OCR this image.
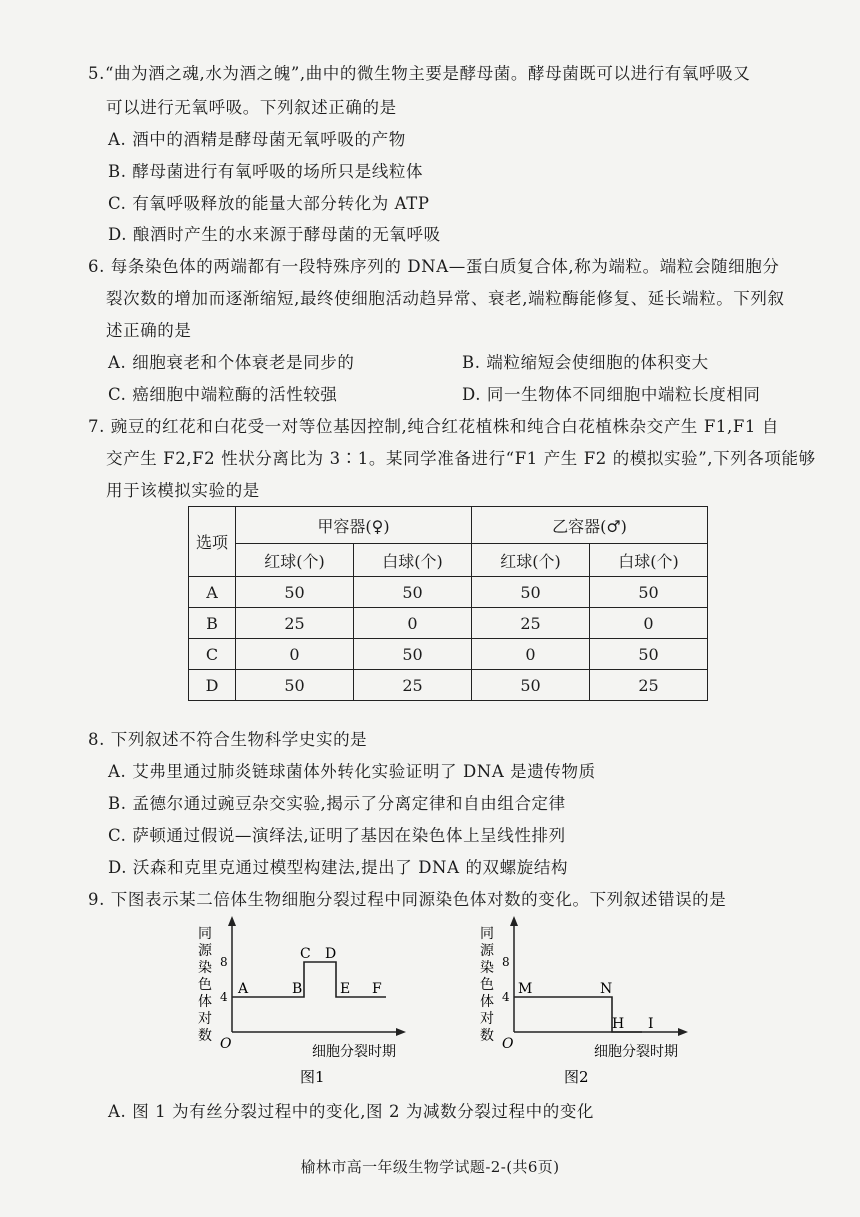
5.“曲为酒之魂,水为酒之魄”,曲中的微生物主要是酵母菌。酵母菌既可以进行有氧呼吸又
可以进行无氧呼吸。下列叙述正确的是
A. 酒中的酒精是酵母菌无氧呼吸的产物
B. 酵母菌进行有氧呼吸的场所只是线粒体
C. 有氧呼吸释放的能量大部分转化为 ATP
D. 酿酒时产生的水来源于酵母菌的无氧呼吸
6. 每条染色体的两端都有一段特殊序列的 DNA—蛋白质复合体,称为端粒。端粒会随细胞分
裂次数的增加而逐渐缩短,最终使细胞活动趋异常、衰老,端粒酶能修复、延长端粒。下列叙
述正确的是
A. 细胞衰老和个体衰老是同步的	B. 端粒缩短会使细胞的体积变大
C. 癌细胞中端粒酶的活性较强	D. 同一生物体不同细胞中端粒长度相同
7. 豌豆的红花和白花受一对等位基因控制,纯合红花植株和纯合白花植株杂交产生 F1,F1 自
交产生 F2,F2 性状分离比为 3∶1。某同学准备进行“F1 产生 F2 的模拟实验”,下列各项能够
用于该模拟实验的是
选项	甲容器(♀)		乙容器(♂)	
	红球(个)	白球(个)	红球(个)	白球(个)
A	50	50	50	50
B	25	0	25	0
C	0	50	0	50
D	50	25	50	25
8. 下列叙述不符合生物科学史实的是
A. 艾弗里通过肺炎链球菌体外转化实验证明了 DNA 是遗传物质
B. 孟德尔通过豌豆杂交实验,揭示了分离定律和自由组合定律
C. 萨顿通过假说—演绎法,证明了基因在染色体上呈线性排列
D. 沃森和克里克通过模型构建法,提出了 DNA 的双螺旋结构
9. 下图表示某二倍体生物细胞分裂过程中同源染色体对数的变化。下列叙述错误的是
同
源
染
色
体
对
数 O
8
4 A	B
C D
E F
细胞分裂时期
图1
同
源
染
色
体
对
数 O
8
4 M	N
H I
细胞分裂时期
图2
A. 图 1 为有丝分裂过程中的变化,图 2 为减数分裂过程中的变化
榆林市高一年级生物学试题-2-(共6页)
